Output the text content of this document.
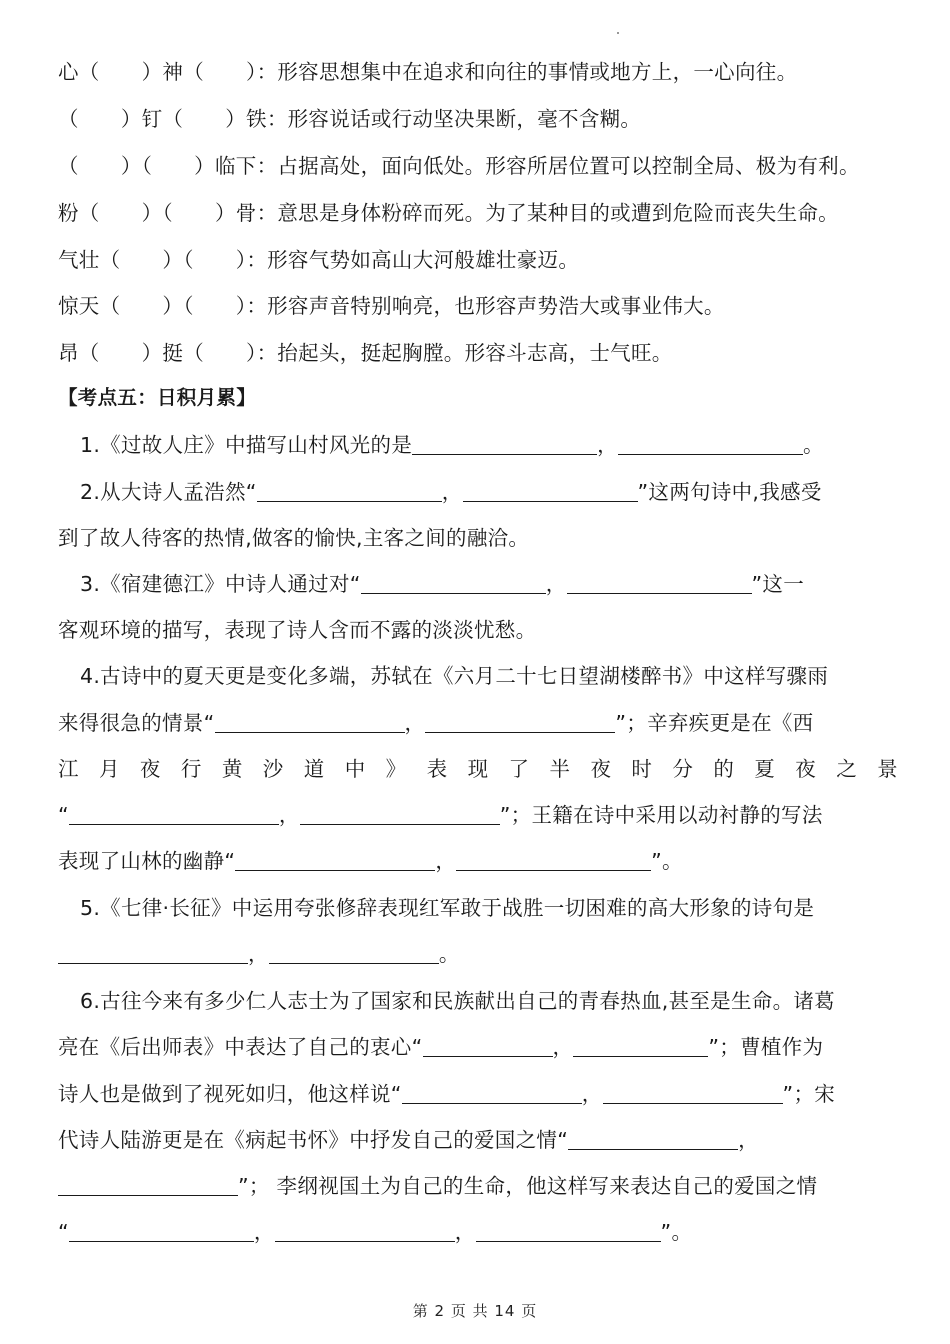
心（ ）神（ ）：形容思想集中在追求和向往的事情或地方上，一心向往。
（ ）钉（ ）铁：形容说话或行动坚决果断，毫不含糊。
（ ）（ ）临下：占据高处，面向低处。形容所居位置可以控制全局、极为有利。
粉（ ）（ ）骨：意思是身体粉碎而死。为了某种目的或遭到危险而丧失生命。
气壮（ ）（ ）：形容气势如高山大河般雄壮豪迈。
惊天（ ）（ ）：形容声音特别响亮，也形容声势浩大或事业伟大。
昂（ ）挺（ ）：抬起头，挺起胸膛。形容斗志高，士气旺。
【考点五：日积月累】
1.《过故人庄》中描写山村风光的是	，	。
2.从大诗人孟浩然“	，	”这两句诗中,我感受
到了故人待客的热情,做客的愉快,主客之间的融洽。
3.《宿建德江》中诗人通过对“	，	”这一
客观环境的描写，表现了诗人含而不露的淡淡忧愁。
4.古诗中的夏天更是变化多端，苏轼在《六月二十七日望湖楼醉书》中这样写骤雨
来得很急的情景“	，	”；辛弃疾更是在《西
江月夜行黄沙道中》表现了半夜时分的夏夜之景
“	，	”；王籍在诗中采用以动衬静的写法
表现了山林的幽静“	，	”。
5.《七律·长征》中运用夸张修辞表现红军敢于战胜一切困难的高大形象的诗句是
，	。
6.古往今来有多少仁人志士为了国家和民族献出自己的青春热血,甚至是生命。诸葛
亮在《后出师表》中表达了自己的衷心“	，	”；曹植作为
诗人也是做到了视死如归，他这样说“	，	”；宋
代诗人陆游更是在《病起书怀》中抒发自己的爱国之情“	，
”； 李纲视国土为自己的生命，他这样写来表达自己的爱国之情
“	，	，	”。
第 2 页 共 14 页
